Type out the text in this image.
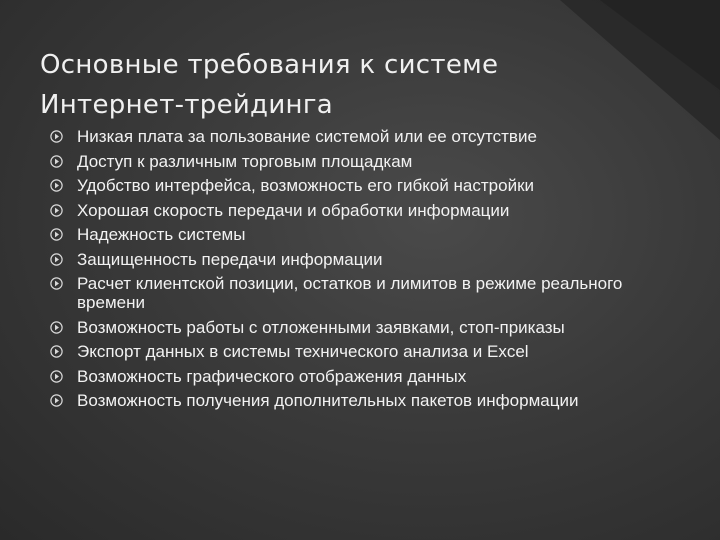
Основные требования к системе
Интернет-трейдинга
Низкая плата за пользование системой или ее отсутствие
Доступ к различным торговым площадкам
Удобство интерфейса, возможность его гибкой настройки
Хорошая скорость передачи и обработки информации
Надежность системы
Защищенность передачи информации
Расчет клиентской позиции, остатков и лимитов в режиме реального времени
Возможность работы с отложенными заявками, стоп-приказы
Экспорт данных в системы технического анализа и Excel
Возможность графического отображения данных
Возможность получения дополнительных пакетов информации
